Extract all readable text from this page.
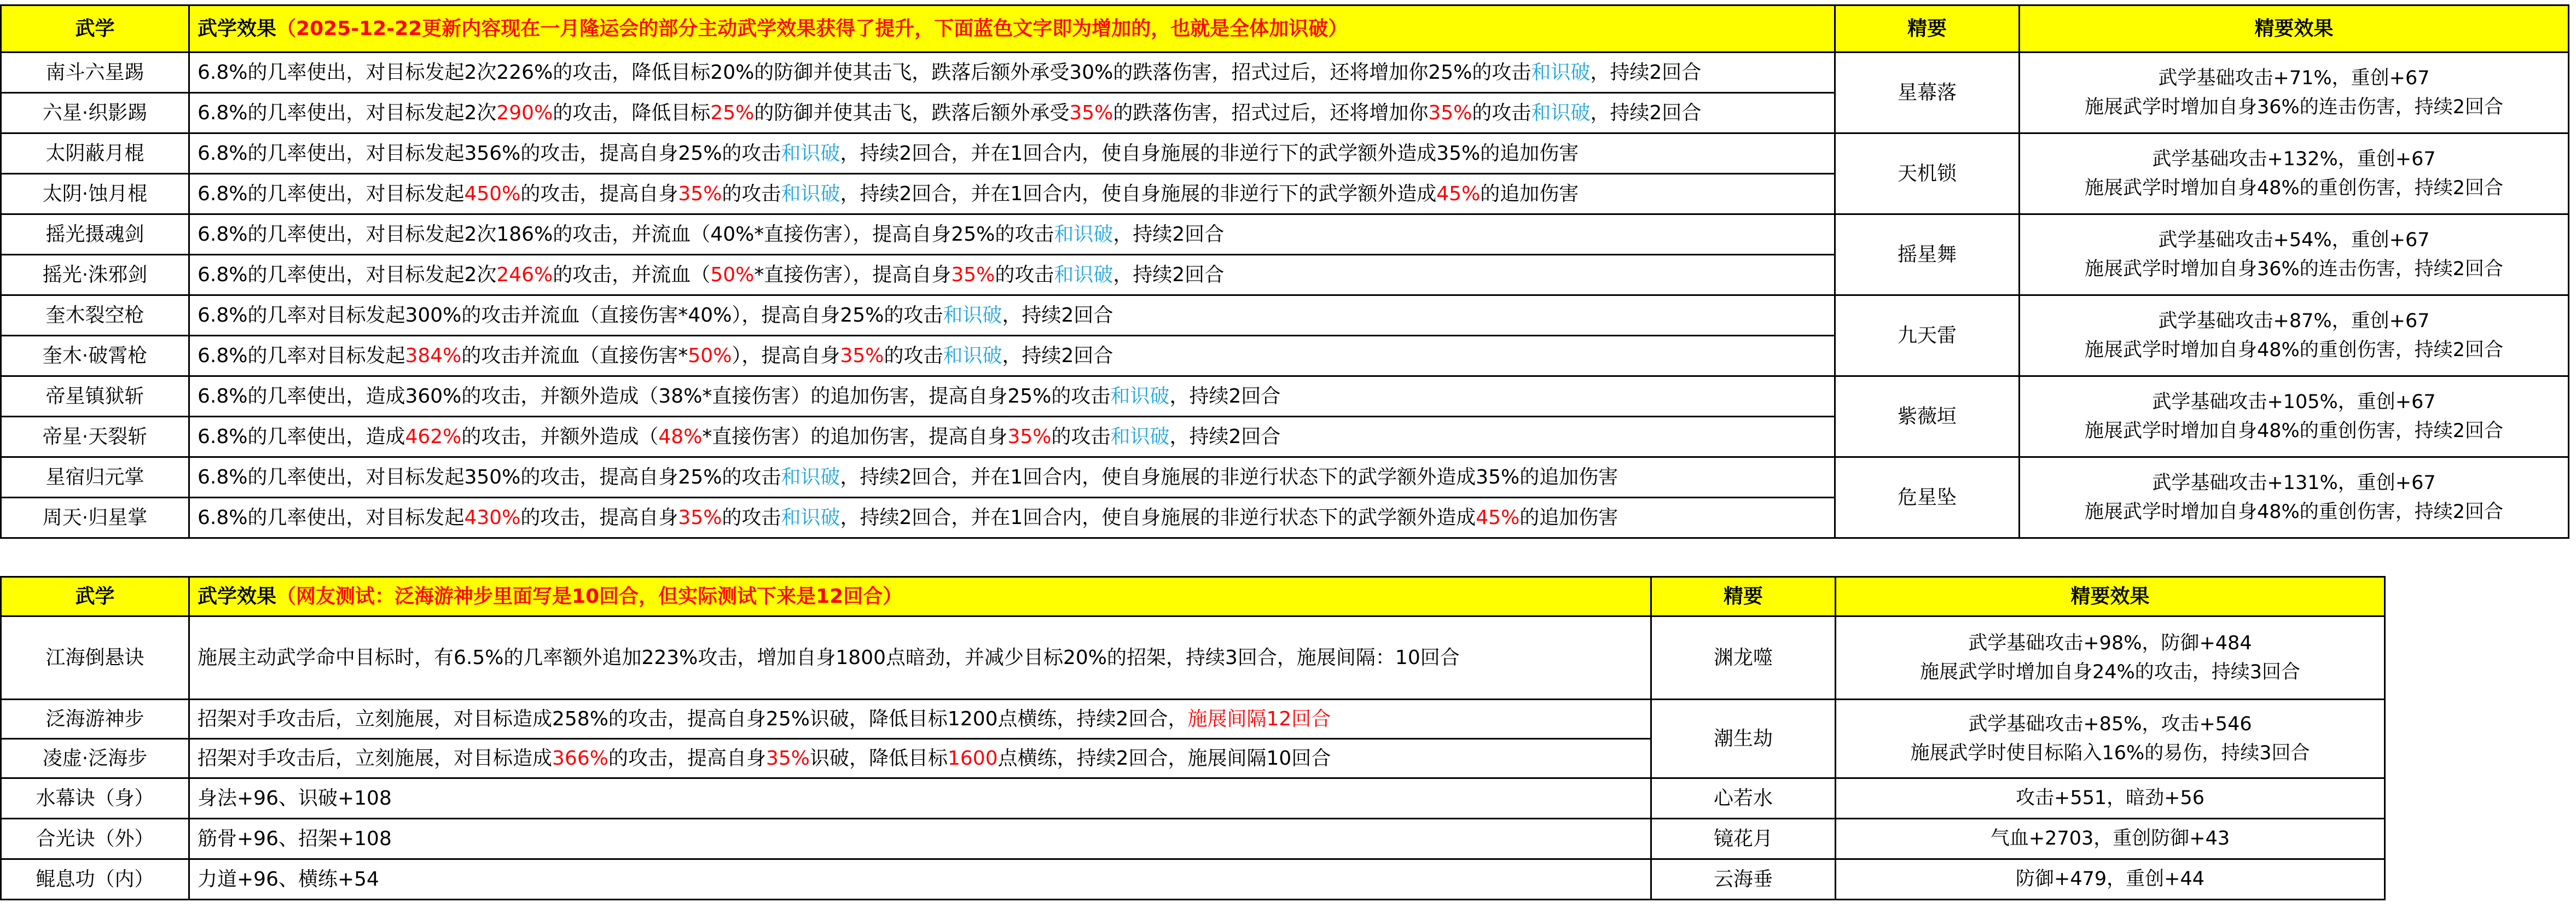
武学	武学效果（2025-12-22更新内容现在一月隆运会的部分主动武学效果获得了提升，下面蓝色文字即为增加的，也就是全体加识破）	精要	精要效果
南斗六星踢	6.8%的几率使出，对目标发起2次226%的攻击，降低目标20%的防御并使其击飞，跌落后额外承受30%的跌落伤害，招式过后，还将增加你25%的攻击和识破，持续2回合	星幕落	武学基础攻击+71%，重创+67
施展武学时增加自身36%的连击伤害，持续2回合

六星·织影踢	6.8%的几率使出，对目标发起2次290%的攻击，降低目标25%的防御并使其击飞，跌落后额外承受35%的跌落伤害，招式过后，还将增加你35%的攻击和识破，持续2回合		
太阴蔽月棍	6.8%的几率使出，对目标发起356%的攻击，提高自身25%的攻击和识破，持续2回合，并在1回合内，使自身施展的非逆行下的武学额外造成35%的追加伤害	天机锁	武学基础攻击+132%，重创+67
施展武学时增加自身48%的重创伤害，持续2回合

太阴·蚀月棍	6.8%的几率使出，对目标发起450%的攻击，提高自身35%的攻击和识破，持续2回合，并在1回合内，使自身施展的非逆行下的武学额外造成45%的追加伤害		
摇光摄魂剑	6.8%的几率使出，对目标发起2次186%的攻击，并流血（40%*直接伤害），提高自身25%的攻击和识破，持续2回合	摇星舞	武学基础攻击+54%，重创+67
施展武学时增加自身36%的连击伤害，持续2回合

摇光·洙邪剑	6.8%的几率使出，对目标发起2次246%的攻击，并流血（50%*直接伤害），提高自身35%的攻击和识破，持续2回合		
奎木裂空枪	6.8%的几率对目标发起300%的攻击并流血（直接伤害*40%），提高自身25%的攻击和识破，持续2回合	九天雷	武学基础攻击+87%，重创+67
施展武学时增加自身48%的重创伤害，持续2回合

奎木·破霄枪	6.8%的几率对目标发起384%的攻击并流血（直接伤害*50%），提高自身35%的攻击和识破，持续2回合		
帝星镇狱斩	6.8%的几率使出，造成360%的攻击，并额外造成（38%*直接伤害）的追加伤害，提高自身25%的攻击和识破，持续2回合	紫薇垣	武学基础攻击+105%，重创+67
施展武学时增加自身48%的重创伤害，持续2回合

帝星·天裂斩	6.8%的几率使出，造成462%的攻击，并额外造成（48%*直接伤害）的追加伤害，提高自身35%的攻击和识破，持续2回合		
星宿归元掌	6.8%的几率使出，对目标发起350%的攻击，提高自身25%的攻击和识破，持续2回合，并在1回合内，使自身施展的非逆行状态下的武学额外造成35%的追加伤害	危星坠	武学基础攻击+131%，重创+67
施展武学时增加自身48%的重创伤害，持续2回合

周天·归星掌	6.8%的几率使出，对目标发起430%的攻击，提高自身35%的攻击和识破，持续2回合，并在1回合内，使自身施展的非逆行状态下的武学额外造成45%的追加伤害		
武学	武学效果（网友测试：泛海游神步里面写是10回合，但实际测试下来是12回合）	精要	精要效果
江海倒悬诀	施展主动武学命中目标时，有6.5%的几率额外追加223%攻击，增加自身1800点暗劲，并减少目标20%的招架，持续3回合，施展间隔：10回合	渊龙噬	武学基础攻击+98%，防御+484
施展武学时增加自身24%的攻击，持续3回合

泛海游神步	招架对手攻击后，立刻施展，对目标造成258%的攻击，提高自身25%识破，降低目标1200点横练，持续2回合，施展间隔12回合	潮生劫	武学基础攻击+85%，攻击+546
施展武学时使目标陷入16%的易伤，持续3回合

凌虚·泛海步	招架对手攻击后，立刻施展，对目标造成366%的攻击，提高自身35%识破，降低目标1600点横练，持续2回合，施展间隔10回合		
水幕诀（身）	身法+96、识破+108	心若水	攻击+551，暗劲+56

合光诀（外）	筋骨+96、招架+108	镜花月	气血+2703，重创防御+43

鲲息功（内）	力道+96、横练+54	云海垂	防御+479，重创+44
